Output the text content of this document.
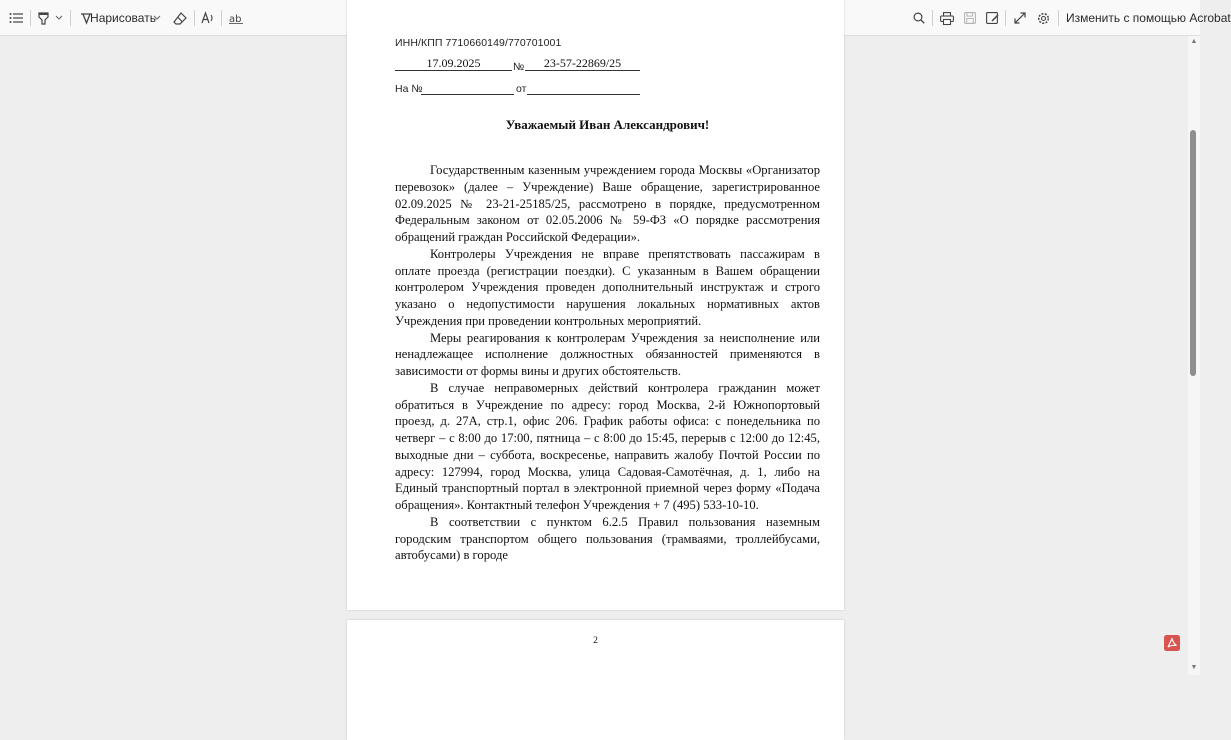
Нарисовать	ab
1	Изменить с помощью Acrobat
ИНН/КПП 7710660149/770701001
17.09.2025	№	23-57-22869/25
На №	от
Уважаемый Иван Александрович!

Государственным казенным учреждением города Москвы «Организатор перевозок» (далее – Учреждение) Ваше обращение, зарегистрированное 02.09.2025 № 23-21-25185/25, рассмотрено в порядке, предусмотренном Федеральным законом от 02.05.2006 № 59-ФЗ «О порядке рассмотрения обращений граждан Российской Федерации».

Контролеры Учреждения не вправе препятствовать пассажирам в оплате проезда (регистрации поездки). С указанным в Вашем обращении контролером Учреждения проведен дополнительный инструктаж и строго указано о недопустимости нарушения локальных нормативных актов Учреждения при проведении контрольных мероприятий.

Меры реагирования к контролерам Учреждения за неисполнение или ненадлежащее исполнение должностных обязанностей применяются в зависимости от формы вины и других обстоятельств.

В случае неправомерных действий контролера гражданин может обратиться в Учреждение по адресу: город Москва, 2-й Южнопортовый проезд, д. 27А, стр.1, офис 206. График работы офиса: с понедельника по четверг – с 8:00 до 17:00, пятница – с 8:00 до 15:45, перерыв с 12:00 до 12:45, выходные дни – суббота, воскресенье, направить жалобу Почтой России по адресу: 127994, город Москва, улица Садовая-Самотёчная, д. 1, либо на Единый транспортный портал в электронной приемной через форму «Подача обращения». Контактный телефон Учреждения + 7 (495) 533-10-10.

В соответствии с пунктом 6.2.5 Правил пользования наземным городским транспортом общего пользования (трамваями, троллейбусами, автобусами) в городе

2
▲
▼
